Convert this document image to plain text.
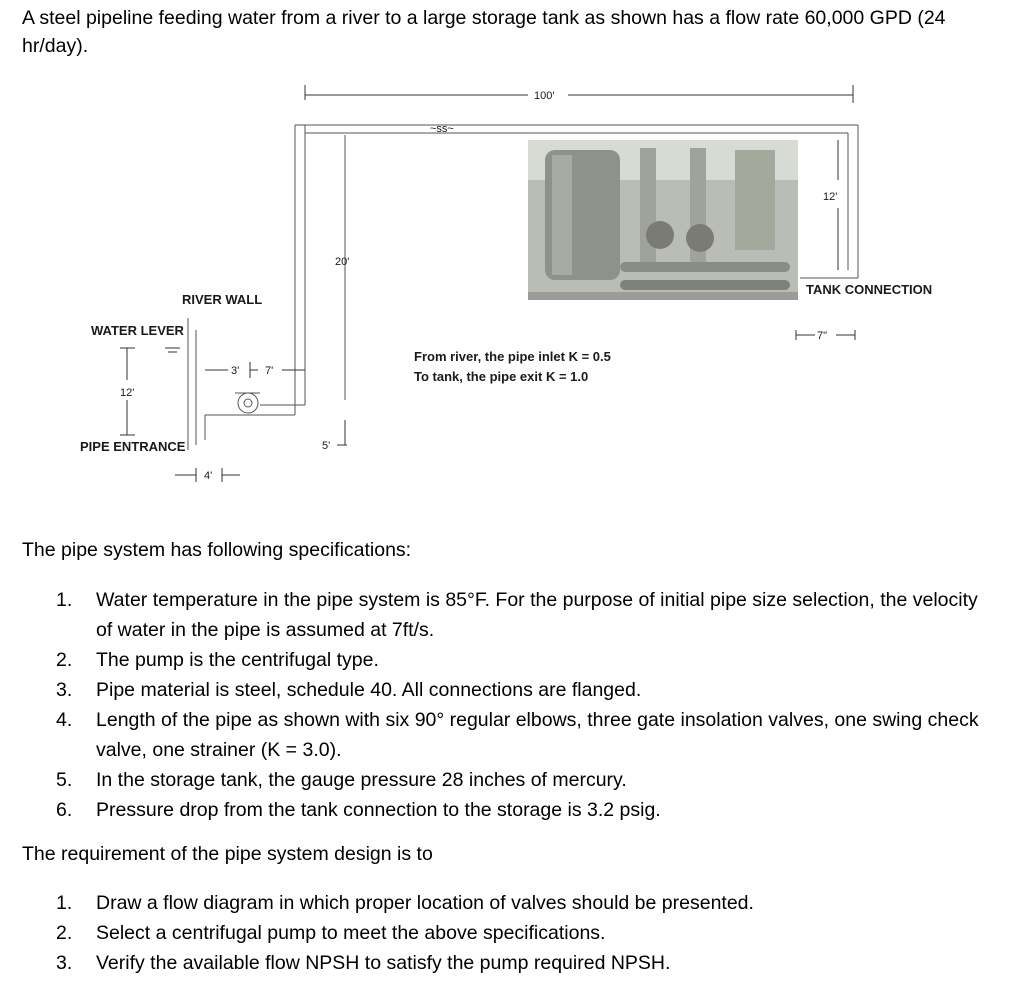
A steel pipeline feeding water from a river to a large storage tank as shown has a flow rate 60,000 GPD (24 hr/day).

100'
~ss~
12'
TANK CONNECTION
7"
20'
5'
RIVER WALL
WATER LEVER
12'
3' 7'
PIPE ENTRANCE
4'
From river, the pipe inlet K = 0.5
To tank, the pipe exit K = 1.0

The pipe system has following specifications:

1. Water temperature in the pipe system is 85°F. For the purpose of initial pipe size selection, the velocity of water in the pipe is assumed at 7ft/s.
2. The pump is the centrifugal type.
3. Pipe material is steel, schedule 40. All connections are flanged.
4. Length of the pipe as shown with six 90° regular elbows, three gate insolation valves, one swing check valve, one strainer (K = 3.0).
5. In the storage tank, the gauge pressure 28 inches of mercury.
6. Pressure drop from the tank connection to the storage is 3.2 psig.

The requirement of the pipe system design is to

1. Draw a flow diagram in which proper location of valves should be presented.
2. Select a centrifugal pump to meet the above specifications.
3. Verify the available flow NPSH to satisfy the pump required NPSH.
